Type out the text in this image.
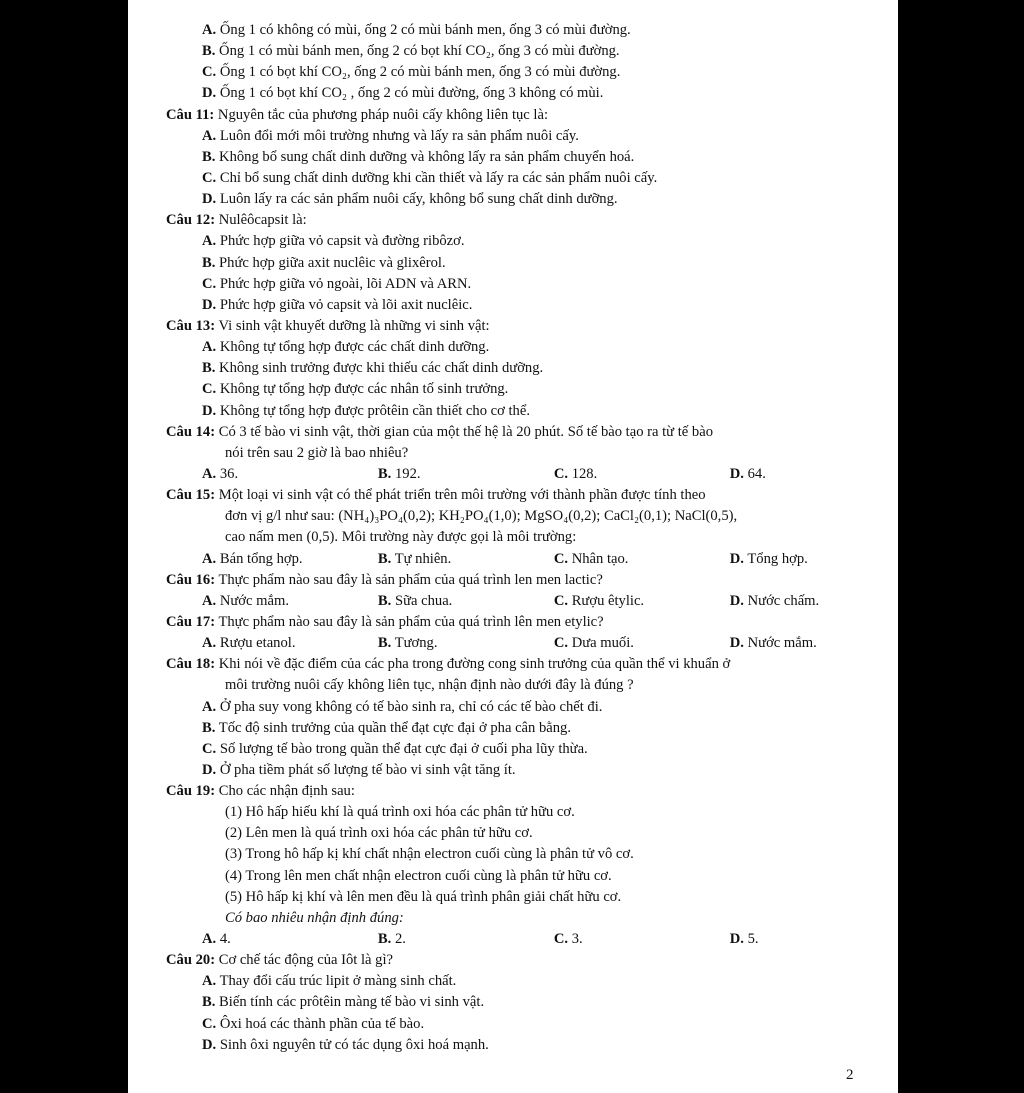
A. Ống 1 có không có mùi, ống 2 có mùi bánh men, ống 3 có mùi đường.
B. Ống 1 có mùi bánh men, ống 2 có bọt khí CO₂, ống 3 có mùi đường.
C. Ống 1 có bọt khí CO₂, ống 2 có mùi bánh men, ống 3 có mùi đường.
D. Ống 1 có bọt khí CO₂ , ống 2 có mùi đường, ống 3 không có mùi.
Câu 11: Nguyên tắc của phương pháp nuôi cấy không liên tục là:
A. Luôn đổi mới môi trường nhưng và lấy ra sản phẩm nuôi cấy.
B. Không bổ sung chất dinh dưỡng và không lấy ra sản phẩm chuyển hoá.
C. Chỉ bổ sung chất dinh dưỡng khi cần thiết và lấy ra các sản phẩm nuôi cấy.
D. Luôn lấy ra các sản phẩm nuôi cấy, không bổ sung chất dinh dưỡng.
Câu 12: Nulêôcapsit là:
A. Phức hợp giữa vỏ capsit và đường ribôzơ.
B. Phức hợp giữa axit nuclêic và glixêrol.
C. Phức hợp giữa vỏ ngoài, lõi ADN và ARN.
D. Phức hợp giữa vỏ capsit và lõi axit nuclêic.
Câu 13: Vi sinh vật khuyết dưỡng là những vi sinh vật:
A. Không tự tổng hợp được các chất dinh dưỡng.
B. Không sinh trưởng được khi thiếu các chất dinh dưỡng.
C. Không tự tổng hợp được các nhân tố sinh trưởng.
D. Không tự tổng hợp được prôtêin cần thiết cho cơ thể.
Câu 14: Có 3 tế bào vi sinh vật, thời gian của một thế hệ là 20 phút. Số tế bào tạo ra từ tế bào
nói trên sau 2 giờ là bao nhiêu?
A. 36.	B. 192.	C. 128.	D. 64.
Câu 15: Một loại vi sinh vật có thể phát triển trên môi trường với thành phần được tính theo
đơn vị g/l như sau: (NH₄)₃PO₄(0,2); KH₂PO₄(1,0); MgSO₄(0,2); CaCl₂(0,1); NaCl(0,5),
cao nấm men (0,5). Môi trường này được gọi là môi trường:
A. Bán tổng hợp.	B. Tự nhiên.	C. Nhân tạo.	D. Tổng hợp.
Câu 16: Thực phẩm nào sau đây là sản phẩm của quá trình len men lactic?
A. Nước mắm.	B. Sữa chua.	C. Rượu êtylic.	D. Nước chấm.
Câu 17: Thực phẩm nào sau đây là sản phẩm của quá trình lên men etylic?
A. Rượu etanol.	B. Tương.	C. Dưa muối.	D. Nước mắm.
Câu 18: Khi nói về đặc điểm của các pha trong đường cong sinh trưởng của quần thể vi khuẩn ở
môi trường nuôi cấy không liên tục, nhận định nào dưới đây là đúng ?
A. Ở pha suy vong không có tế bào sinh ra, chỉ có các tế bào chết đi.
B. Tốc độ sinh trưởng của quần thể đạt cực đại ở pha cân bằng.
C. Số lượng tế bào trong quần thể đạt cực đại ở cuối pha lũy thừa.
D. Ở pha tiềm phát số lượng tế bào vi sinh vật tăng ít.
Câu 19: Cho các nhận định sau:
(1) Hô hấp hiếu khí là quá trình oxi hóa các phân tử hữu cơ.
(2) Lên men là quá trình oxi hóa các phân tử hữu cơ.
(3) Trong hô hấp kị khí chất nhận electron cuối cùng là phân tử vô cơ.
(4) Trong lên men chất nhận electron cuối cùng là phân tử hữu cơ.
(5) Hô hấp kị khí và lên men đều là quá trình phân giải chất hữu cơ.
Có bao nhiêu nhận định đúng:
A. 4.	B. 2.	C. 3.	D. 5.
Câu 20: Cơ chế tác động của Iôt là gì?
A. Thay đổi cấu trúc lipit ở màng sinh chất.
B. Biến tính các prôtêin màng tế bào vi sinh vật.
C. Ôxi hoá các thành phần của tế bào.
D. Sinh ôxi nguyên tử có tác dụng ôxi hoá mạnh.
2
